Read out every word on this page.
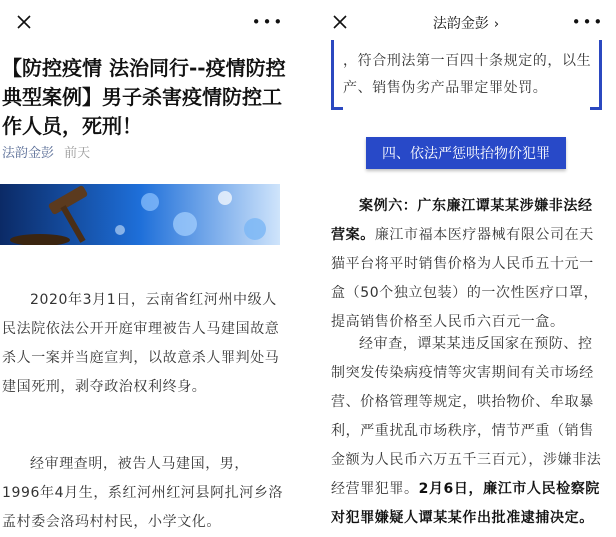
•••
【防控疫情 法治同行--疫情防控典型案例】男子杀害疫情防控工作人员，死刑！
法韵金彭 前天

2020年3月1日，云南省红河州中级人民法院依法公开开庭审理被告人马建国故意杀人一案并当庭宣判，以故意杀人罪判处马建国死刑，剥夺政治权利终身。

经审理查明，被告人马建国，男，1996年4月生，系红河州红河县阿扎河乡洛孟村委会洛玛村村民，小学文化。

法韵金彭 ›	•••
，符合刑法第一百四十条规定的，以生产、销售伪劣产品罪定罪处罚。
四、依法严惩哄抬物价犯罪

案例六：广东廉江谭某某涉嫌非法经营案。廉江市福本医疗器械有限公司在天猫平台将平时销售价格为人民币五十元一盒（50个独立包装）的一次性医疗口罩，提高销售价格至人民币六百元一盒。

经审查，谭某某违反国家在预防、控制突发传染病疫情等灾害期间有关市场经营、价格管理等规定，哄抬物价、牟取暴利，严重扰乱市场秩序，情节严重（销售金额为人民币六万五千三百元），涉嫌非法经营罪犯罪。2月6日，廉江市人民检察院对犯罪嫌疑人谭某某作出批准逮捕决定。
